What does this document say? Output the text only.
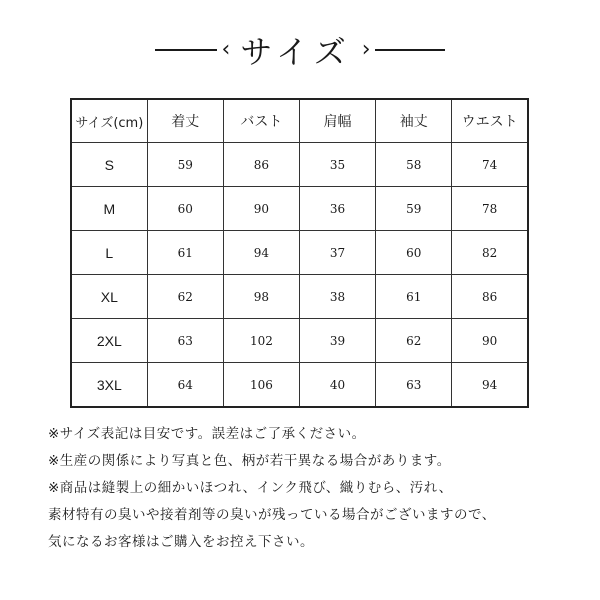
‹ サイズ ›
サイズ(cm)	着丈	バスト	肩幅	袖丈	ウエスト
S	59	86	35	58	74
M	60	90	36	59	78
L	61	94	37	60	82
XL	62	98	38	61	86
2XL	63	102	39	62	90
3XL	64	106	40	63	94
※サイズ表記は目安です。誤差はご了承ください。
※生産の関係により写真と色、柄が若干異なる場合があります。
※商品は縫製上の細かいほつれ、インク飛び、織りむら、汚れ、
素材特有の臭いや接着剤等の臭いが残っている場合がございますので、
気になるお客様はご購入をお控え下さい。
